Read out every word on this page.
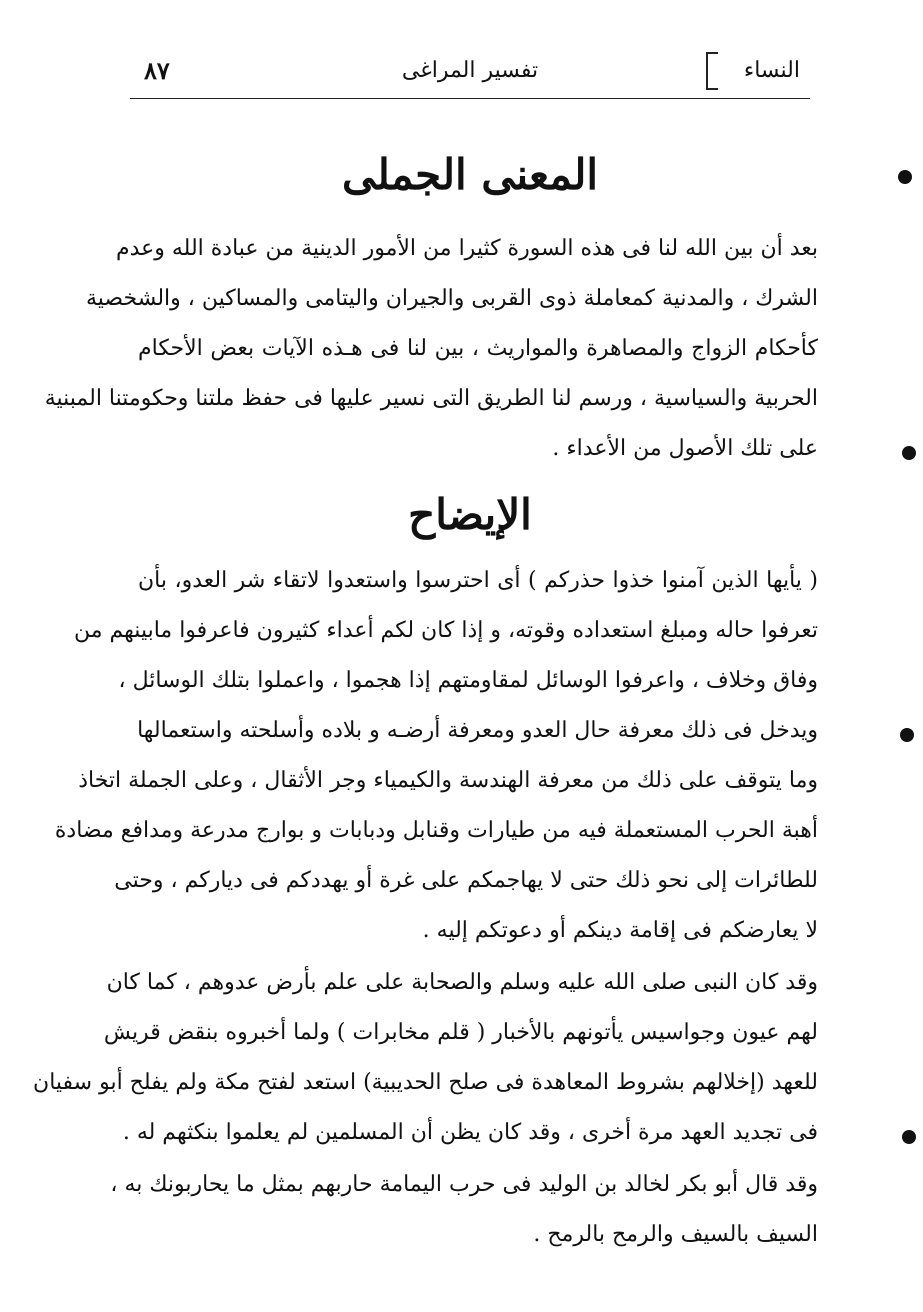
النساء
تفسير المراغى
٨٧
المعنى الجملى
بعد أن بين الله لنا فى هذه السورة كثيرا من الأمور الدينية من عبادة الله وعدم
الشرك ، والمدنية كمعاملة ذوى القربى والجيران واليتامى والمساكين ، والشخصية
كأحكام الزواج والمصاهرة والمواريث ، بين لنا فى هـذه الآيات بعض الأحكام
الحربية والسياسية ، ورسم لنا الطريق التى نسير عليها فى حفظ ملتنا وحكومتنا المبنية
على تلك الأصول من الأعداء .
الإيضاح
( يأيها الذين آمنوا خذوا حذركم ) أى احترسوا واستعدوا لاتقاء شر العدو، بأن
تعرفوا حاله ومبلغ استعداده وقوته، و إذا كان لكم أعداء كثيرون فاعرفوا مابينهم من
وفاق وخلاف ، واعرفوا الوسائل لمقاومتهم إذا هجموا ، واعملوا بتلك الوسائل ،
ويدخل فى ذلك معرفة حال العدو ومعرفة أرضـه و بلاده وأسلحته واستعمالها
وما يتوقف على ذلك من معرفة الهندسة والكيمياء وجر الأثقال ، وعلى الجملة اتخاذ
أهبة الحرب المستعملة فيه من طيارات وقنابل ودبابات و بوارج مدرعة ومدافع مضادة
للطائرات إلى نحو ذلك حتى لا يهاجمكم على غرة أو يهددكم فى دياركم ، وحتى
لا يعارضكم فى إقامة دينكم أو دعوتكم إليه .
وقد كان النبى صلى الله عليه وسلم والصحابة على علم بأرض عدوهم ، كما كان
لهم عيون وجواسيس يأتونهم بالأخبار ( قلم مخابرات ) ولما أخبروه بنقض قريش
للعهد (إخلالهم بشروط المعاهدة فى صلح الحديبية) استعد لفتح مكة ولم يفلح أبو سفيان
فى تجديد العهد مرة أخرى ، وقد كان يظن أن المسلمين لم يعلموا بنكثهم له .
وقد قال أبو بكر لخالد بن الوليد فى حرب اليمامة حاربهم بمثل ما يحاربونك به ،
السيف بالسيف والرمح بالرمح .
